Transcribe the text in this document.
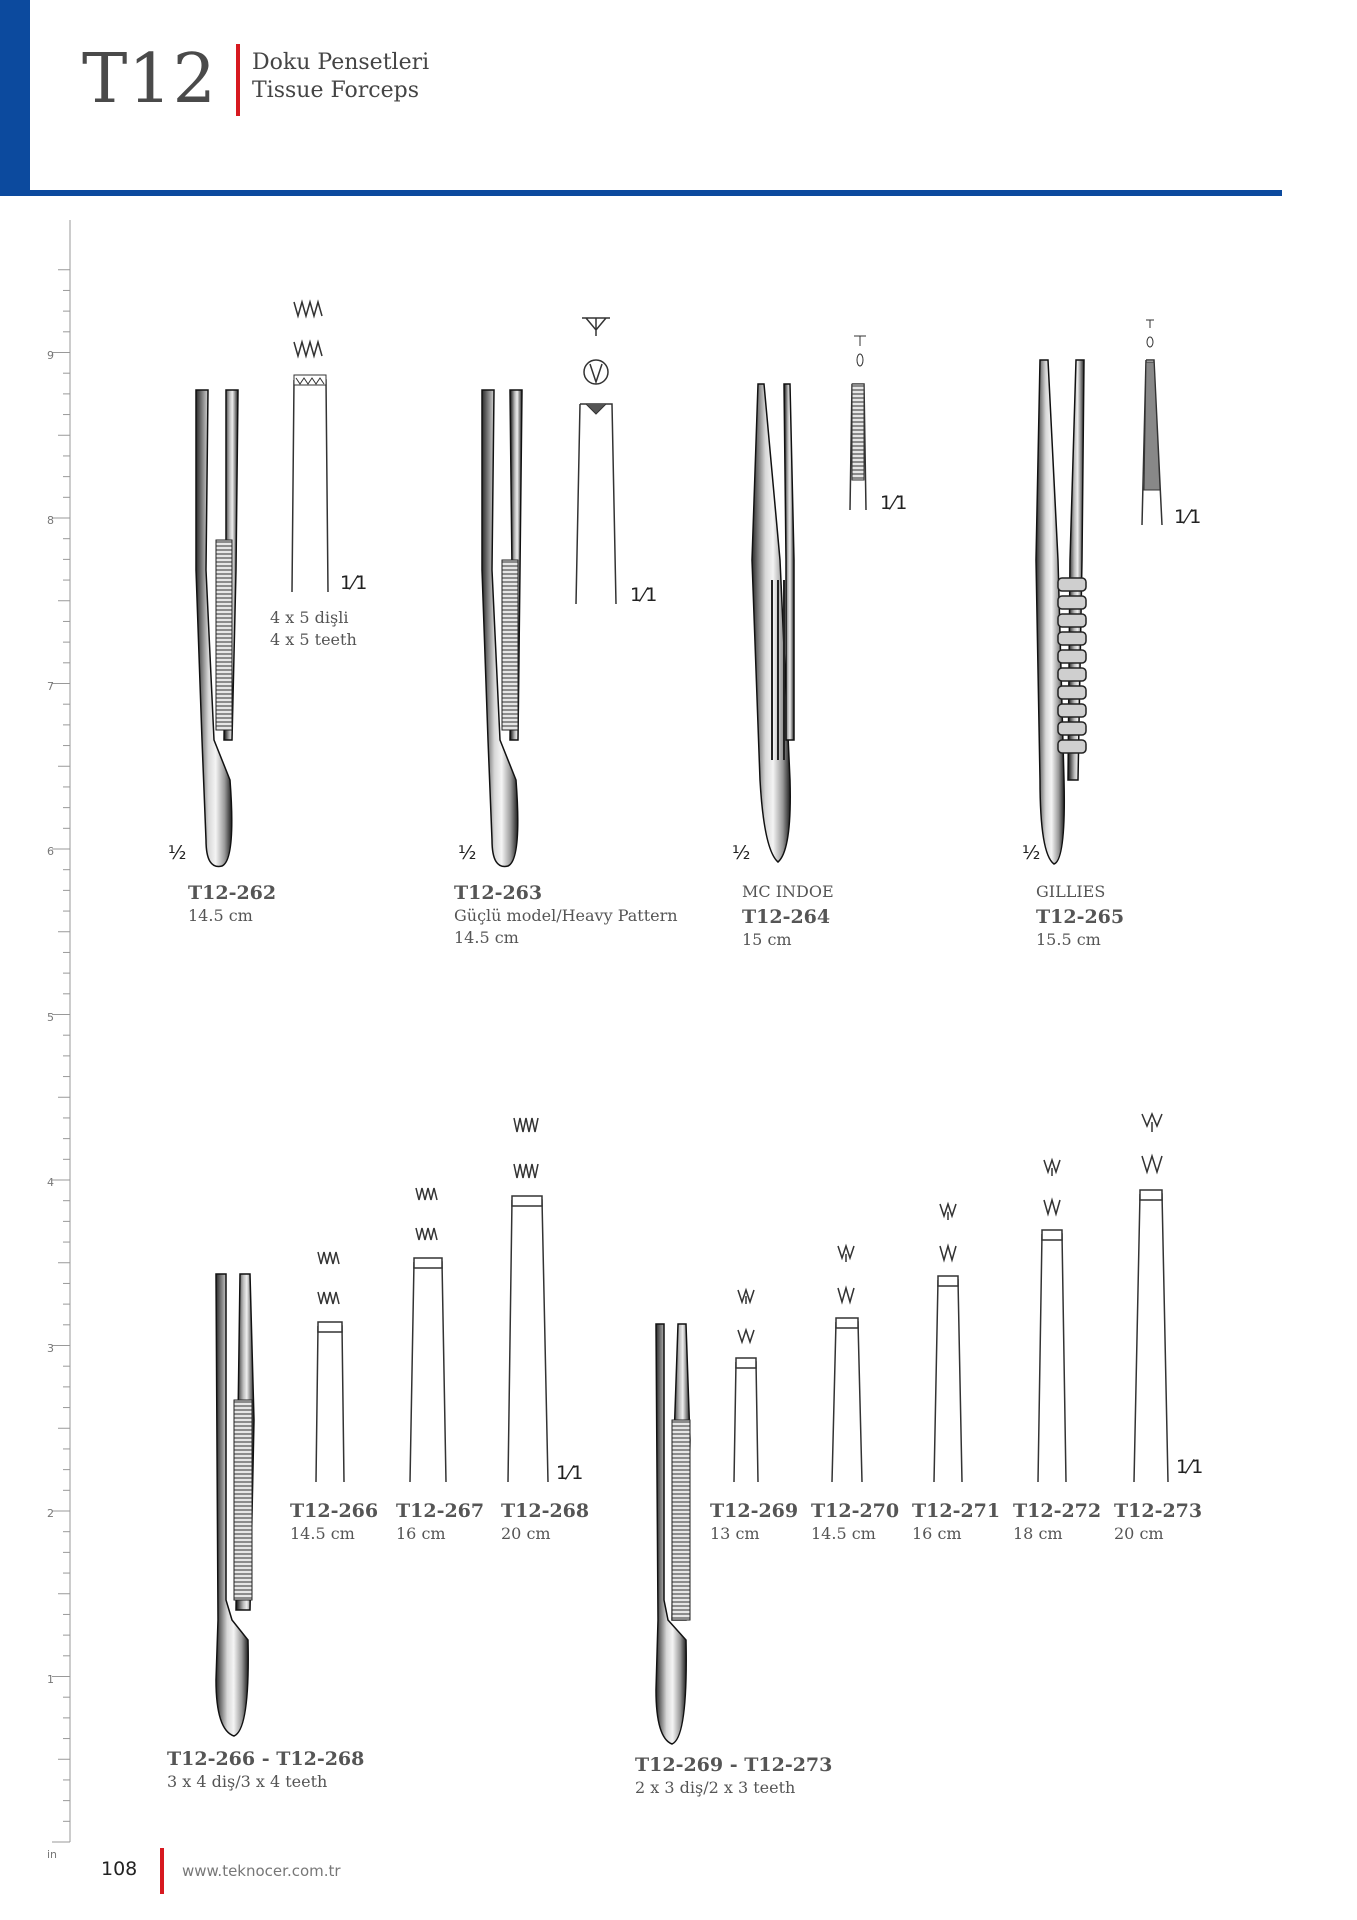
T12 Doku Pensetleri
Tissue Forceps
9
8
7
6
5
4
3
2
1
in
½
1⁄1
½
1⁄1
½
1⁄1
½
1⁄1
1⁄1	1⁄1
4 x 5 dişli
4 x 5 teeth
T12-262
14.5 cm
T12-263
Güçlü model/Heavy Pattern
14.5 cm
MC INDOE
T12-264
15 cm
GILLIES
T12-265
15.5 cm
T12-266
14.5 cm
T12-267
16 cm
T12-268
20 cm
T12-266 - T12-268
3 x 4 diş/3 x 4 teeth
T12-269
13 cm
T12-270
14.5 cm
T12-271
16 cm
T12-272
18 cm
T12-273
20 cm
T12-269 - T12-273
2 x 3 diş/2 x 3 teeth
108	www.teknocer.com.tr
